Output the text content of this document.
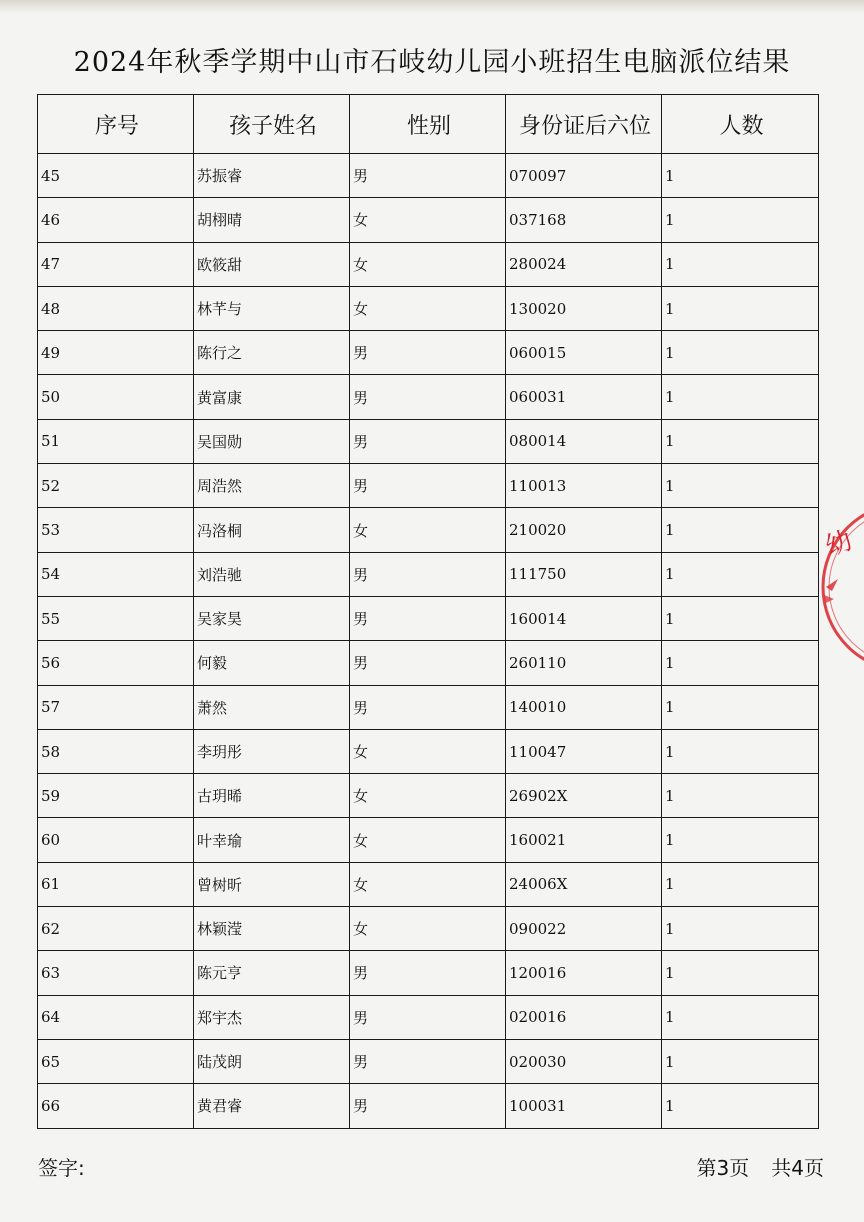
2024年秋季学期中山市石岐幼儿园小班招生电脑派位结果
序号	孩子姓名	性别	身份证后六位	人数
45	苏振睿	男	070097	1
46	胡栩晴	女	037168	1
47	欧筱甜	女	280024	1
48	林芊与	女	130020	1
49	陈行之	男	060015	1
50	黄富康	男	060031	1
51	吴国勋	男	080014	1
52	周浩然	男	110013	1
53	冯洛桐	女	210020	1
54	刘浩驰	男	111750	1
55	吴家昊	男	160014	1
56	何毅	男	260110	1
57	萧然	男	140010	1
58	李玥彤	女	110047	1
59	古玥晞	女	26902X	1
60	叶幸瑜	女	160021	1
61	曾树昕	女	24006X	1
62	林颖滢	女	090022	1
63	陈元亨	男	120016	1
64	郑宇杰	男	020016	1
65	陆茂朗	男	020030	1
66	黄君睿	男	100031	1
签字:	第3页 共4页
幼
